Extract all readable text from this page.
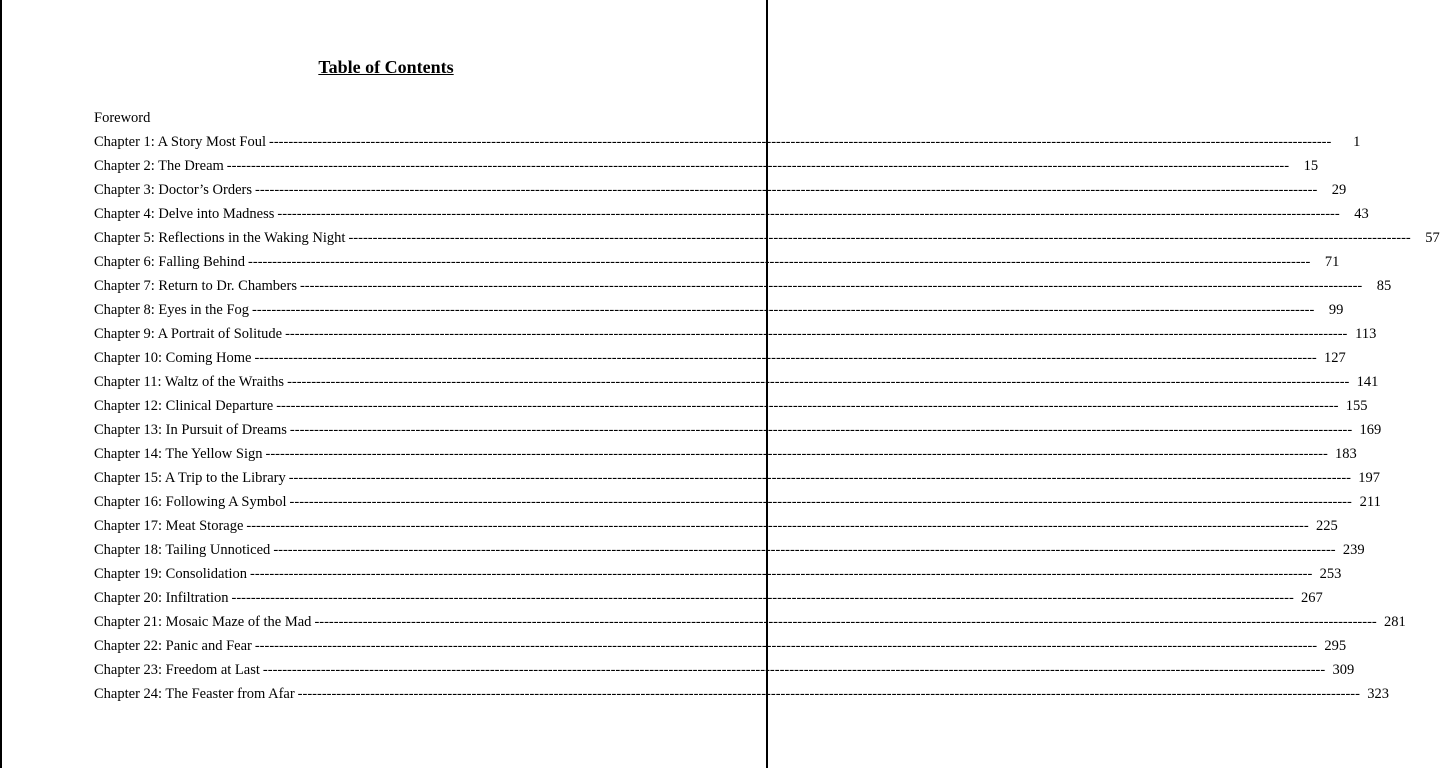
Table of Contents
Foreword
Chapter 1: A Story Most Foul ----------------------------------------------------------------------------------------------------------------------------------------------------------------------------------------------------------------------------	1
Chapter 2: The Dream ----------------------------------------------------------------------------------------------------------------------------------------------------------------------------------------------------------------------------	15
Chapter 3: Doctor’s Orders ----------------------------------------------------------------------------------------------------------------------------------------------------------------------------------------------------------------------------	29
Chapter 4: Delve into Madness ----------------------------------------------------------------------------------------------------------------------------------------------------------------------------------------------------------------------------	43
Chapter 5: Reflections in the Waking Night ----------------------------------------------------------------------------------------------------------------------------------------------------------------------------------------------------------------------------	57
Chapter 6: Falling Behind ----------------------------------------------------------------------------------------------------------------------------------------------------------------------------------------------------------------------------	71
Chapter 7: Return to Dr. Chambers ----------------------------------------------------------------------------------------------------------------------------------------------------------------------------------------------------------------------------	85
Chapter 8: Eyes in the Fog ----------------------------------------------------------------------------------------------------------------------------------------------------------------------------------------------------------------------------	99
Chapter 9: A Portrait of Solitude ---------------------------------------------------------------------------------------------------------------------------------------------------------------------------------------------------------------------------- 113
Chapter 10: Coming Home ---------------------------------------------------------------------------------------------------------------------------------------------------------------------------------------------------------------------------- 127
Chapter 11: Waltz of the Wraiths ---------------------------------------------------------------------------------------------------------------------------------------------------------------------------------------------------------------------------- 141
Chapter 12: Clinical Departure ---------------------------------------------------------------------------------------------------------------------------------------------------------------------------------------------------------------------------- 155
Chapter 13: In Pursuit of Dreams ---------------------------------------------------------------------------------------------------------------------------------------------------------------------------------------------------------------------------- 169
Chapter 14: The Yellow Sign ---------------------------------------------------------------------------------------------------------------------------------------------------------------------------------------------------------------------------- 183
Chapter 15: A Trip to the Library ---------------------------------------------------------------------------------------------------------------------------------------------------------------------------------------------------------------------------- 197
Chapter 16: Following A Symbol ---------------------------------------------------------------------------------------------------------------------------------------------------------------------------------------------------------------------------- 211
Chapter 17: Meat Storage ---------------------------------------------------------------------------------------------------------------------------------------------------------------------------------------------------------------------------- 225
Chapter 18: Tailing Unnoticed ---------------------------------------------------------------------------------------------------------------------------------------------------------------------------------------------------------------------------- 239
Chapter 19: Consolidation ---------------------------------------------------------------------------------------------------------------------------------------------------------------------------------------------------------------------------- 253
Chapter 20: Infiltration ---------------------------------------------------------------------------------------------------------------------------------------------------------------------------------------------------------------------------- 267
Chapter 21: Mosaic Maze of the Mad ---------------------------------------------------------------------------------------------------------------------------------------------------------------------------------------------------------------------------- 281
Chapter 22: Panic and Fear ---------------------------------------------------------------------------------------------------------------------------------------------------------------------------------------------------------------------------- 295
Chapter 23: Freedom at Last ---------------------------------------------------------------------------------------------------------------------------------------------------------------------------------------------------------------------------- 309
Chapter 24: The Feaster from Afar ---------------------------------------------------------------------------------------------------------------------------------------------------------------------------------------------------------------------------- 323
